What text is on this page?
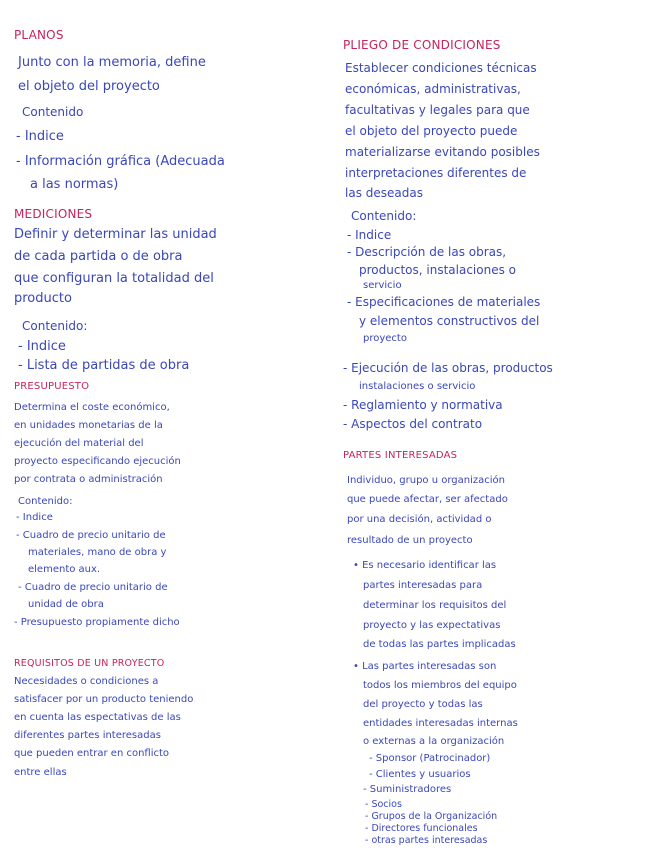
PLANOS
Junto con la memoria, define
el objeto del proyecto
Contenido
- Indice
- Información gráfica (Adecuada
a las normas)
MEDICIONES
Definir y determinar las unidad
de cada partida o de obra
que configuran la totalidad del
producto
Contenido:
- Indice
- Lista de partidas de obra
PRESUPUESTO
Determina el coste económico,
en unidades monetarias de la
ejecución del material del
proyecto especificando ejecución
por contrata o administración
Contenido:
- Indice
- Cuadro de precio unitario de
materiales, mano de obra y
elemento aux.
- Cuadro de precio unitario de
unidad de obra
- Presupuesto propiamente dicho
REQUISITOS DE UN PROYECTO
Necesidades o condiciones a
satisfacer por un producto teniendo
en cuenta las espectativas de las
diferentes partes interesadas
que pueden entrar en conflicto
entre ellas
PLIEGO DE CONDICIONES
Establecer condiciones técnicas
económicas, administrativas,
facultativas y legales para que
el objeto del proyecto puede
materializarse evitando posibles
interpretaciones diferentes de
las deseadas
Contenido:
- Indice
- Descripción de las obras,
productos, instalaciones o
servicio
- Especificaciones de materiales
y elementos constructivos del
proyecto
- Ejecución de las obras, productos
instalaciones o servicio
- Reglamiento y normativa
- Aspectos del contrato
PARTES INTERESADAS
Individuo, grupo u organización
que puede afectar, ser afectado
por una decisión, actividad o
resultado de un proyecto
• Es necesario identificar las
partes interesadas para
determinar los requisitos del
proyecto y las expectativas
de todas las partes implicadas
• Las partes interesadas son
todos los miembros del equipo
del proyecto y todas las
entidades interesadas internas
o externas a la organización
- Sponsor (Patrocinador)
- Clientes y usuarios
- Suministradores
- Socios
- Grupos de la Organización
- Directores funcionales
- otras partes interesadas
